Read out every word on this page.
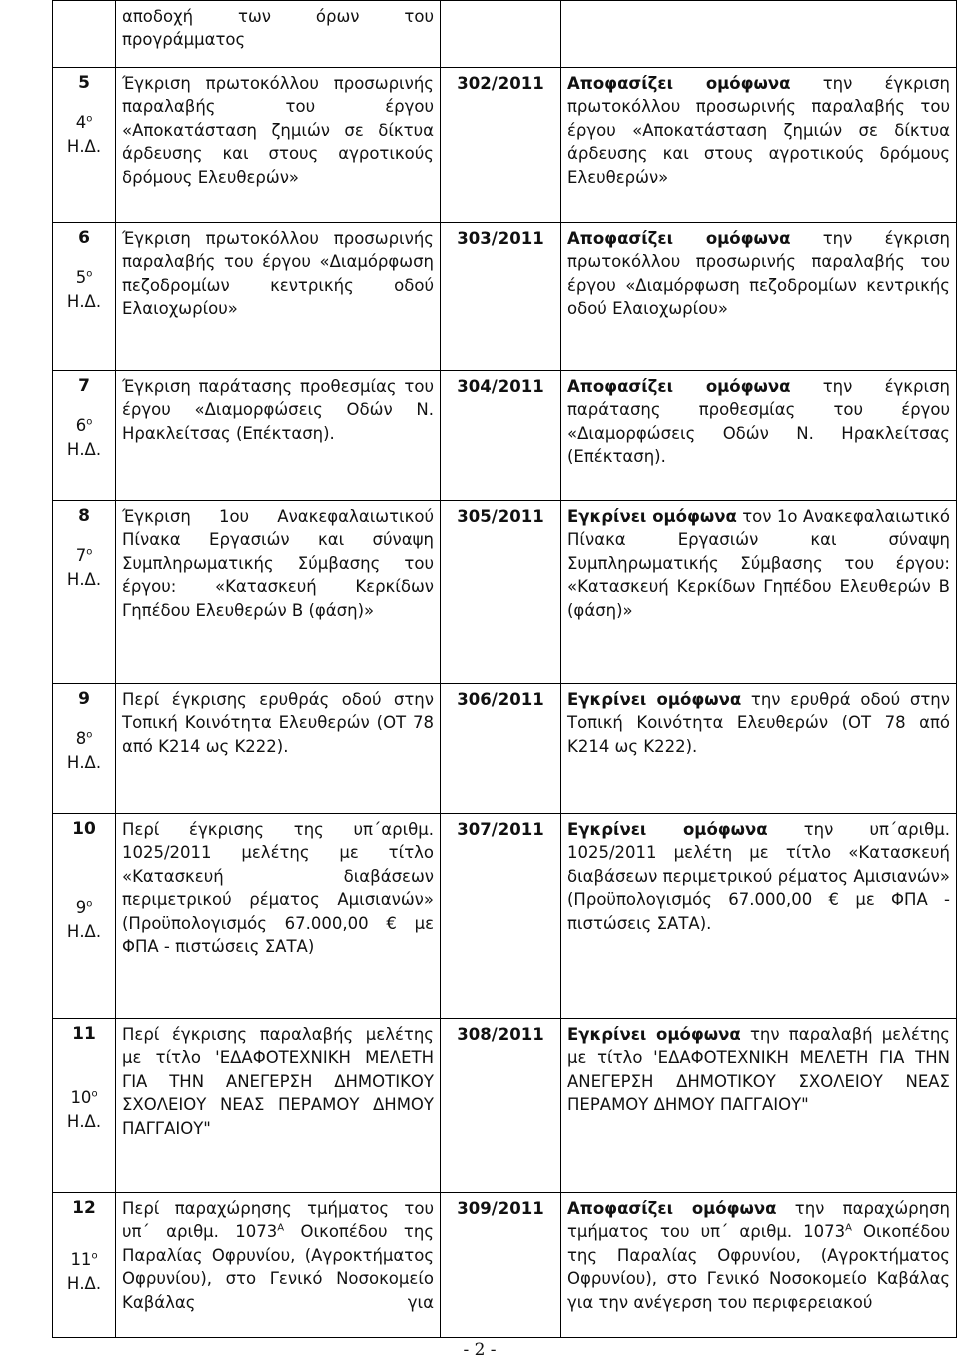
	αποδοχή των όρων του προγράμματος		

5
$4^o$
Η.Δ.	Έγκριση πρωτοκόλλου προσωρινής παραλαβής του έργου «Αποκατάσταση ζημιών σε δίκτυα άρδευσης και στους αγροτικούς δρόμους Ελευθερών»	302/2011	Αποφασίζει ομόφωνα την έγκριση πρωτοκόλλου προσωρινής παραλαβής του έργου «Αποκατάσταση ζημιών σε δίκτυα άρδευσης και στους αγροτικούς δρόμους Ελευθερών»

6
$5^o$
Η.Δ.	Έγκριση πρωτοκόλλου προσωρινής παραλαβής του έργου «Διαμόρφωση πεζοδρομίων κεντρικής οδού Ελαιοχωρίου»	303/2011	Αποφασίζει ομόφωνα την έγκριση πρωτοκόλλου προσωρινής παραλαβής του έργου «Διαμόρφωση πεζοδρομίων κεντρικής οδού Ελαιοχωρίου»

7
$6^o$
Η.Δ.	Έγκριση παράτασης προθεσμίας του έργου «Διαμορφώσεις Οδών Ν. Ηρακλείτσας (Επέκταση).	304/2011	Αποφασίζει ομόφωνα την έγκριση παράτασης προθεσμίας του έργου «Διαμορφώσεις Οδών Ν. Ηρακλείτσας (Επέκταση).

8
$7^o$
Η.Δ.	Έγκριση 1ου Ανακεφαλαιωτικού Πίνακα Εργασιών και σύναψη Συμπληρωματικής Σύμβασης του έργου: «Κατασκευή Κερκίδων Γηπέδου Ελευθερών Β (φάση)»	305/2011	Εγκρίνει ομόφωνα τον 1ο Ανακεφαλαιωτικό Πίνακα Εργασιών και σύναψη Συμπληρωματικής Σύμβασης του έργου: «Κατασκευή Κερκίδων Γηπέδου Ελευθερών Β (φάση)»

9
$8^o$
Η.Δ.	Περί έγκρισης ερυθράς οδού στην Τοπική Κοινότητα Ελευθερών (ΟΤ 78 από Κ214 ως Κ222).	306/2011	Εγκρίνει ομόφωνα την ερυθρά οδού στην Τοπική Κοινότητα Ελευθερών (ΟΤ 78 από Κ214 ως Κ222).

10
$9^o$
Η.Δ.	Περί έγκρισης της υπ΄αριθμ. 1025/2011 μελέτης με τίτλο «Κατασκευή διαβάσεων περιμετρικού ρέματος Αμισιανών» (Προϋπολογισμός 67.000,00 € με ΦΠΑ - πιστώσεις ΣΑΤΑ)	307/2011	Εγκρίνει ομόφωνα την υπ΄αριθμ. 1025/2011 μελέτη με τίτλο «Κατασκευή διαβάσεων περιμετρικού ρέματος Αμισιανών» (Προϋπολογισμός 67.000,00 € με ΦΠΑ - πιστώσεις ΣΑΤΑ).

11
$10^o$
Η.Δ.	Περί έγκρισης παραλαβής μελέτης με τίτλο 'ΕΔΑΦΟΤΕΧΝΙΚΗ ΜΕΛΕΤΗ ΓΙΑ ΤΗΝ ΑΝΕΓΕΡΣΗ ΔΗΜΟΤΙΚΟΥ ΣΧΟΛΕΙΟΥ ΝΕΑΣ ΠΕΡΑΜΟΥ ΔΗΜΟΥ ΠΑΓΓΑΙΟΥ"	308/2011	Εγκρίνει ομόφωνα την παραλαβή μελέτης με τίτλο 'ΕΔΑΦΟΤΕΧΝΙΚΗ ΜΕΛΕΤΗ ΓΙΑ ΤΗΝ ΑΝΕΓΕΡΣΗ ΔΗΜΟΤΙΚΟΥ ΣΧΟΛΕΙΟΥ ΝΕΑΣ ΠΕΡΑΜΟΥ ΔΗΜΟΥ ΠΑΓΓΑΙΟΥ"

12
$11^o$
Η.Δ.	Περί παραχώρησης τμήματος του υπ΄ αριθμ. $1073^A$ Οικοπέδου της Παραλίας Οφρυνίου, (Αγροκτήματος Οφρυνίου), στο Γενικό Νοσοκομείο Καβάλας για	309/2011	Αποφασίζει ομόφωνα την παραχώρηση τμήματος του υπ΄ αριθμ. $1073^A$ Οικοπέδου της Παραλίας Οφρυνίου, (Αγροκτήματος Οφρυνίου), στο Γενικό Νοσοκομείο Καβάλας για την ανέγερση του περιφερειακού
- 2 -
